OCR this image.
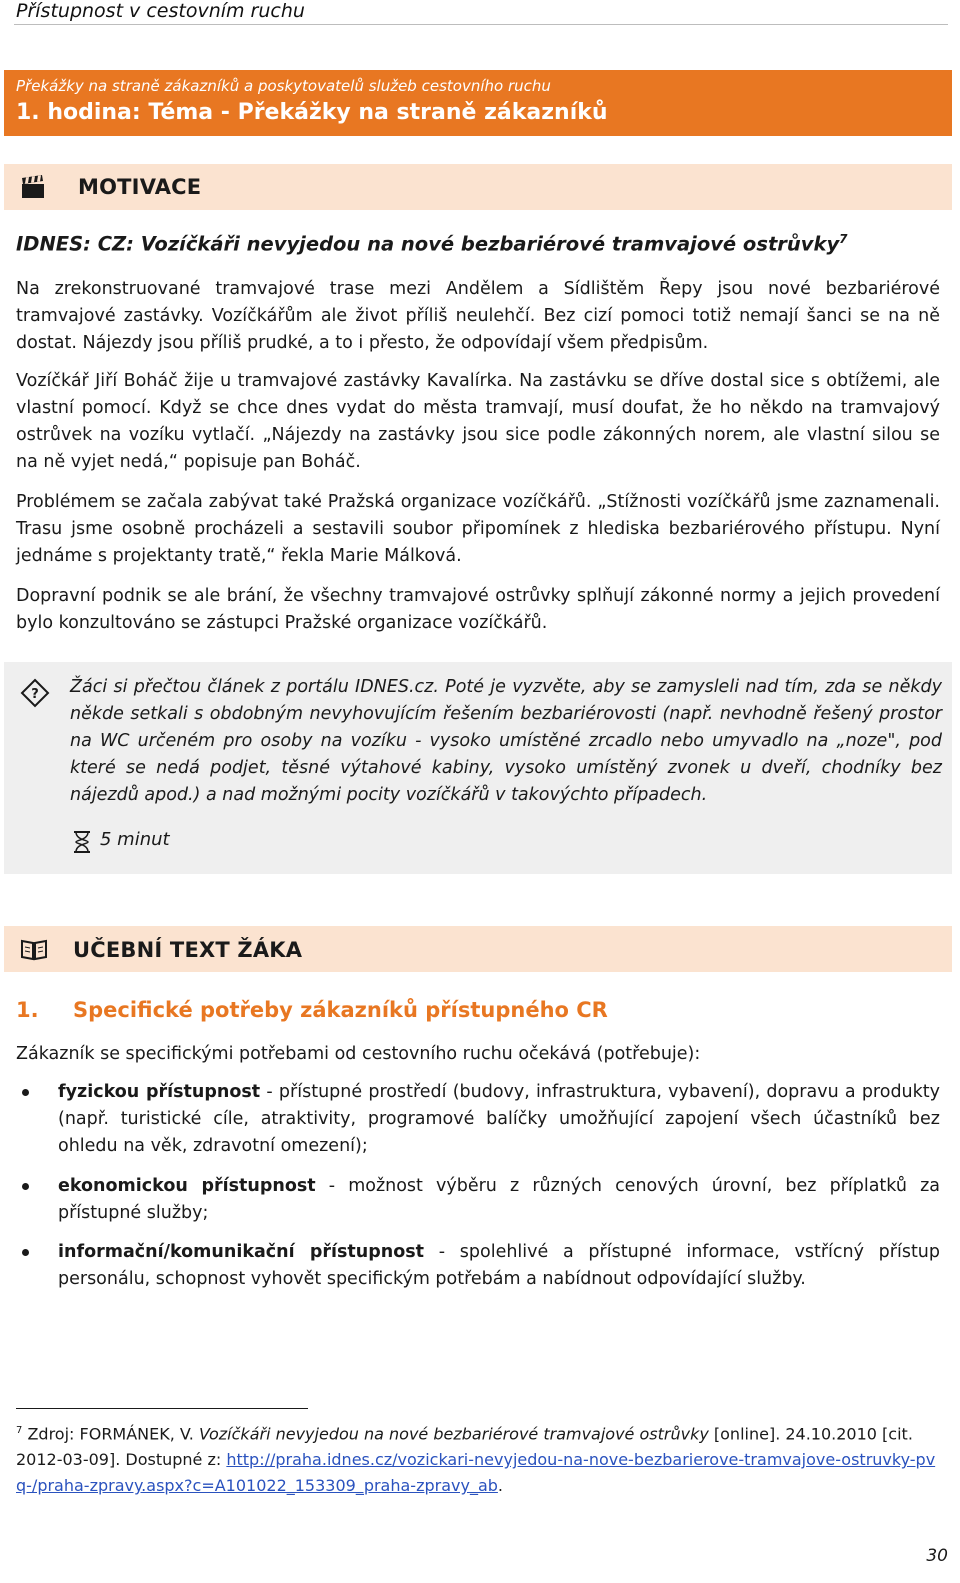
Přístupnost v cestovním ruchu
Překážky na straně zákazníků a poskytovatelů služeb cestovního ruchu
1. hodina: Téma - Překážky na straně zákazníků
MOTIVACE
IDNES: CZ: Vozíčkáři nevyjedou na nové bezbariérové tramvajové ostrůvky$^7$
Na zrekonstruované tramvajové trase mezi Andělem a Sídlištěm Řepy jsou nové bezbariérové tramvajové zastávky. Vozíčkářům ale život příliš neulehčí. Bez cizí pomoci totiž nemají šanci se na ně dostat. Nájezdy jsou příliš prudké, a to i přesto, že odpovídají všem předpisům.
Vozíčkář Jiří Boháč žije u tramvajové zastávky Kavalírka. Na zastávku se dříve dostal sice s obtížemi, ale vlastní pomocí. Když se chce dnes vydat do města tramvají, musí doufat, že ho někdo na tramvajový ostrůvek na vozíku vytlačí. „Nájezdy na zastávky jsou sice podle zákonných norem, ale vlastní silou se na ně vyjet nedá,“ popisuje pan Boháč.
Problémem se začala zabývat také Pražská organizace vozíčkářů. „Stížnosti vozíčkářů jsme zaznamenali. Trasu jsme osobně procházeli a sestavili soubor připomínek z hlediska bezbariérového přístupu. Nyní jednáme s projektanty tratě,“ řekla Marie Málková.
Dopravní podnik se ale brání, že všechny tramvajové ostrůvky splňují zákonné normy a jejich provedení bylo konzultováno se zástupci Pražské organizace vozíčkářů.
? Žáci si přečtou článek z portálu IDNES.cz. Poté je vyzvěte, aby se zamysleli nad tím, zda se někdy někde setkali s obdobným nevyhovujícím řešením bezbariérovosti (např. nevhodně řešený prostor na WC určeném pro osoby na vozíku - vysoko umístěné zrcadlo nebo umyvadlo na „noze", pod které se nedá podjet, těsné výtahové kabiny, vysoko umístěný zvonek u dveří, chodníky bez nájezdů apod.) a nad možnými pocity vozíčkářů v takovýchto případech.
5 minut
UČEBNÍ TEXT ŽÁKA
1. Specifické potřeby zákazníků přístupného CR
Zákazník se specifickými potřebami od cestovního ruchu očekává (potřebuje):
fyzickou přístupnost - přístupné prostředí (budovy, infrastruktura, vybavení), dopravu a produkty (např. turistické cíle, atraktivity, programové balíčky umožňující zapojení všech účastníků bez ohledu na věk, zdravotní omezení);
ekonomickou přístupnost - možnost výběru z různých cenových úrovní, bez příplatků za přístupné služby;
informační/komunikační přístupnost - spolehlivé a přístupné informace, vstřícný přístup personálu, schopnost vyhovět specifickým potřebám a nabídnout odpovídající služby.
$^7$ Zdroj: FORMÁNEK, V. Vozíčkáři nevyjedou na nové bezbariérové tramvajové ostrůvky [online]. 24.10.2010 [cit. 2012-03-09]. Dostupné z: http://praha.idnes.cz/vozickari-nevyjedou-na-nove-bezbarierove-tramvajove-ostruvky-pvq-/praha-zpravy.aspx?c=A101022_153309_praha-zpravy_ab.
30
